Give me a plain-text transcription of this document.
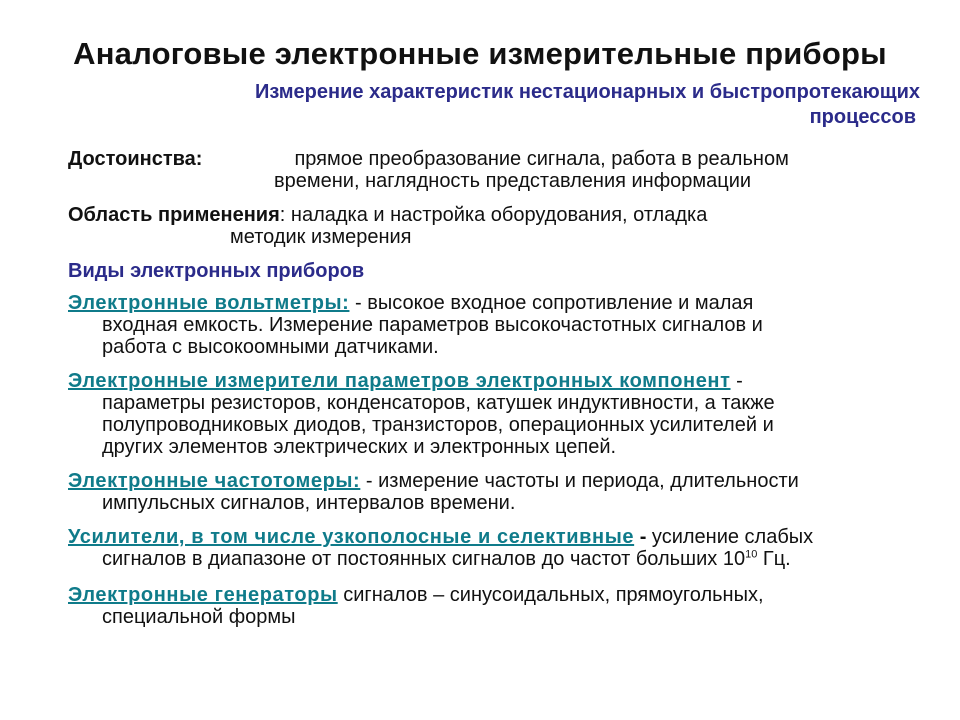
Аналоговые электронные измерительные приборы
Измерение характеристик нестационарных и быстропротекающих
процессов
Достоинства:	прямое преобразование сигнала, работа в реальном
времени, наглядность представления информации
Область применения: наладка и настройка оборудования, отладка
методик измерения
Виды электронных приборов
Электронные вольтметры: - высокое входное сопротивление и малая
входная емкость. Измерение параметров высокочастотных сигналов и
работа с высокоомными датчиками.
Электронные измерители параметров электронных компонент -
параметры резисторов, конденсаторов, катушек индуктивности, а также
полупроводниковых диодов, транзисторов, операционных усилителей и
других элементов электрических и электронных цепей.
Электронные частотомеры: - измерение частоты и периода, длительности
импульсных сигналов, интервалов времени.
Усилители, в том числе узкополосные и селективные - усиление слабых
сигналов в диапазоне от постоянных сигналов до частот больших $10^{10}$ Гц.
Электронные генераторы сигналов – синусоидальных, прямоугольных,
специальной формы
